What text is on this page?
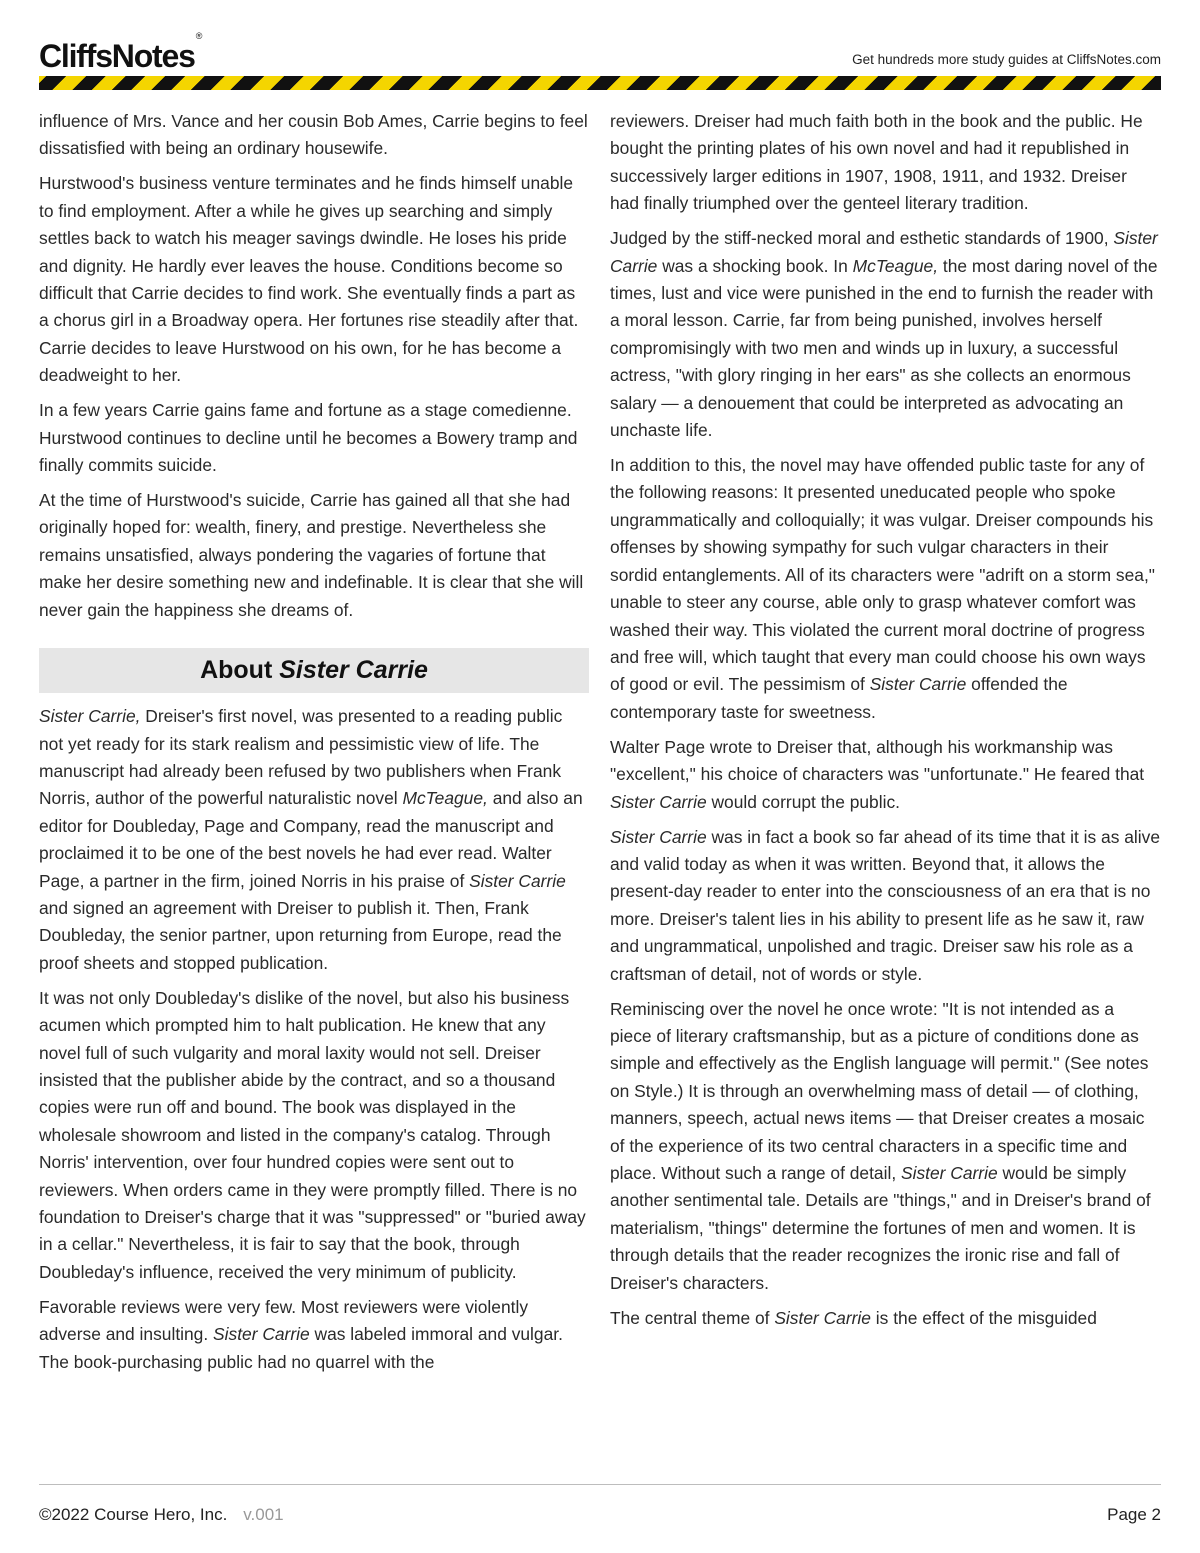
CliffsNotes®
Get hundreds more study guides at CliffsNotes.com

influence of Mrs. Vance and her cousin Bob Ames, Carrie begins to feel dissatisfied with being an ordinary housewife.

Hurstwood's business venture terminates and he finds himself unable to find employment. After a while he gives up searching and simply settles back to watch his meager savings dwindle. He loses his pride and dignity. He hardly ever leaves the house. Conditions become so difficult that Carrie decides to find work. She eventually finds a part as a chorus girl in a Broadway opera. Her fortunes rise steadily after that. Carrie decides to leave Hurstwood on his own, for he has become a deadweight to her.

In a few years Carrie gains fame and fortune as a stage comedienne. Hurstwood continues to decline until he becomes a Bowery tramp and finally commits suicide.

At the time of Hurstwood's suicide, Carrie has gained all that she had originally hoped for: wealth, finery, and prestige. Nevertheless she remains unsatisfied, always pondering the vagaries of fortune that make her desire something new and indefinable. It is clear that she will never gain the happiness she dreams of.

About Sister Carrie

Sister Carrie, Dreiser's first novel, was presented to a reading public not yet ready for its stark realism and pessimistic view of life. The manuscript had already been refused by two publishers when Frank Norris, author of the powerful naturalistic novel McTeague, and also an editor for Doubleday, Page and Company, read the manuscript and proclaimed it to be one of the best novels he had ever read. Walter Page, a partner in the firm, joined Norris in his praise of Sister Carrie and signed an agreement with Dreiser to publish it. Then, Frank Doubleday, the senior partner, upon returning from Europe, read the proof sheets and stopped publication.

It was not only Doubleday's dislike of the novel, but also his business acumen which prompted him to halt publication. He knew that any novel full of such vulgarity and moral laxity would not sell. Dreiser insisted that the publisher abide by the contract, and so a thousand copies were run off and bound. The book was displayed in the wholesale showroom and listed in the company's catalog. Through Norris' intervention, over four hundred copies were sent out to reviewers. When orders came in they were promptly filled. There is no foundation to Dreiser's charge that it was "suppressed" or "buried away in a cellar." Nevertheless, it is fair to say that the book, through Doubleday's influence, received the very minimum of publicity.

Favorable reviews were very few. Most reviewers were violently adverse and insulting. Sister Carrie was labeled immoral and vulgar. The book-purchasing public had no quarrel with the

reviewers. Dreiser had much faith both in the book and the public. He bought the printing plates of his own novel and had it republished in successively larger editions in 1907, 1908, 1911, and 1932. Dreiser had finally triumphed over the genteel literary tradition.

Judged by the stiff-necked moral and esthetic standards of 1900, Sister Carrie was a shocking book. In McTeague, the most daring novel of the times, lust and vice were punished in the end to furnish the reader with a moral lesson. Carrie, far from being punished, involves herself compromisingly with two men and winds up in luxury, a successful actress, "with glory ringing in her ears" as she collects an enormous salary — a denouement that could be interpreted as advocating an unchaste life.

In addition to this, the novel may have offended public taste for any of the following reasons: It presented uneducated people who spoke ungrammatically and colloquially; it was vulgar. Dreiser compounds his offenses by showing sympathy for such vulgar characters in their sordid entanglements. All of its characters were "adrift on a storm sea," unable to steer any course, able only to grasp whatever comfort was washed their way. This violated the current moral doctrine of progress and free will, which taught that every man could choose his own ways of good or evil. The pessimism of Sister Carrie offended the contemporary taste for sweetness.

Walter Page wrote to Dreiser that, although his workmanship was "excellent," his choice of characters was "unfortunate." He feared that Sister Carrie would corrupt the public.

Sister Carrie was in fact a book so far ahead of its time that it is as alive and valid today as when it was written. Beyond that, it allows the present-day reader to enter into the consciousness of an era that is no more. Dreiser's talent lies in his ability to present life as he saw it, raw and ungrammatical, unpolished and tragic. Dreiser saw his role as a craftsman of detail, not of words or style.

Reminiscing over the novel he once wrote: "It is not intended as a piece of literary craftsmanship, but as a picture of conditions done as simple and effectively as the English language will permit." (See notes on Style.) It is through an overwhelming mass of detail — of clothing, manners, speech, actual news items — that Dreiser creates a mosaic of the experience of its two central characters in a specific time and place. Without such a range of detail, Sister Carrie would be simply another sentimental tale. Details are "things," and in Dreiser's brand of materialism, "things" determine the fortunes of men and women. It is through details that the reader recognizes the ironic rise and fall of Dreiser's characters.

The central theme of Sister Carrie is the effect of the misguided

©2022 Course Hero, Inc. v.001	Page 2
